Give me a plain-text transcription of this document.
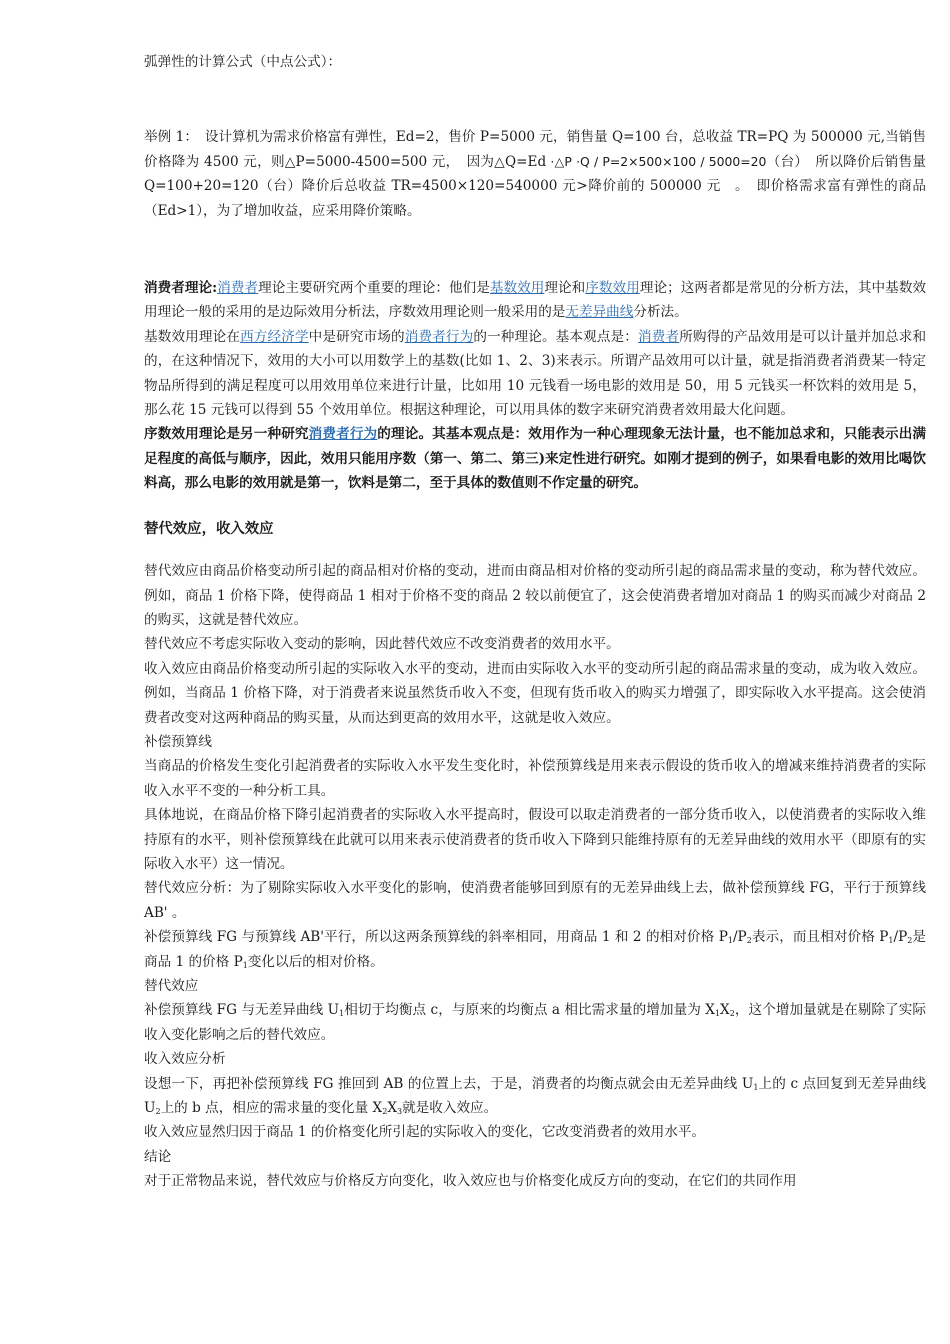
弧弹性的计算公式（中点公式）：

举例 1：　设计算机为需求价格富有弹性，Ed=2，售价 P=5000 元，销售量 Q=100 台，总收益 TR=PQ 为 500000 元,当销售价格降为 4500 元，则△P=5000-4500=500 元，　因为△Q=Ed ·△P ·Q / P=2×500×100 / 5000=20（台）　所以降价后销售量 Q=100+20=120（台）降价后总收益 TR=4500×120=540000 元>降价前的 500000 元　。　即价格需求富有弹性的商品（Ed>1），为了增加收益，应采用降价策略。

消费者理论:消费者理论主要研究两个重要的理论：他们是基数效用理论和序数效用理论；这两者都是常见的分析方法，其中基数效用理论一般的采用的是边际效用分析法，序数效用理论则一般采用的是无差异曲线分析法。

基数效用理论在西方经济学中是研究市场的消费者行为的一种理论。基本观点是：消费者所购得的产品效用是可以计量并加总求和的，在这种情况下，效用的大小可以用数学上的基数(比如 1、2、3)来表示。所谓产品效用可以计量，就是指消费者消费某一特定物品所得到的满足程度可以用效用单位来进行计量，比如用 10 元钱看一场电影的效用是 50，用 5 元钱买一杯饮料的效用是 5，那么花 15 元钱可以得到 55 个效用单位。根据这种理论，可以用具体的数字来研究消费者效用最大化问题。

序数效用理论是另一种研究消费者行为的理论。其基本观点是：效用作为一种心理现象无法计量，也不能加总求和，只能表示出满足程度的高低与顺序，因此，效用只能用序数（第一、第二、第三)来定性进行研究。如刚才提到的例子，如果看电影的效用比喝饮料高，那么电影的效用就是第一，饮料是第二，至于具体的数值则不作定量的研究。

替代效应，收入效应

替代效应由商品价格变动所引起的商品相对价格的变动，进而由商品相对价格的变动所引起的商品需求量的变动，称为替代效应。例如，商品 1 价格下降，使得商品 1 相对于价格不变的商品 2 较以前便宜了，这会使消费者增加对商品 1 的购买而减少对商品 2 的购买，这就是替代效应。

替代效应不考虑实际收入变动的影响，因此替代效应不改变消费者的效用水平。

收入效应由商品价格变动所引起的实际收入水平的变动，进而由实际收入水平的变动所引起的商品需求量的变动，成为收入效应。例如，当商品 1 价格下降，对于消费者来说虽然货币收入不变，但现有货币收入的购买力增强了，即实际收入水平提高。这会使消费者改变对这两种商品的购买量，从而达到更高的效用水平，这就是收入效应。

补偿预算线

当商品的价格发生变化引起消费者的实际收入水平发生变化时，补偿预算线是用来表示假设的货币收入的增减来维持消费者的实际收入水平不变的一种分析工具。

具体地说，在商品价格下降引起消费者的实际收入水平提高时，假设可以取走消费者的一部分货币收入，以使消费者的实际收入维持原有的水平，则补偿预算线在此就可以用来表示使消费者的货币收入下降到只能维持原有的无差异曲线的效用水平（即原有的实际收入水平）这一情况。

替代效应分析：为了剔除实际收入水平变化的影响，使消费者能够回到原有的无差异曲线上去，做补偿预算线 FG，平行于预算线 AB' 。

补偿预算线 FG 与预算线 AB'平行，所以这两条预算线的斜率相同，用商品 1 和 2 的相对价格 $P_1/P_2$表示，而且相对价格 $P_1/P_2$是商品 1 的价格 $P_1$变化以后的相对价格。

替代效应

补偿预算线 FG 与无差异曲线 $U_1$相切于均衡点 c，与原来的均衡点 a 相比需求量的增加量为 $X_1X_2$，这个增加量就是在剔除了实际收入变化影响之后的替代效应。

收入效应分析

设想一下，再把补偿预算线 FG 推回到 AB 的位置上去，于是，消费者的均衡点就会由无差异曲线 $U_1$上的 c 点回复到无差异曲线 $U_2$上的 b 点，相应的需求量的变化量 $X_2X_3$就是收入效应。

收入效应显然归因于商品 1 的价格变化所引起的实际收入的变化，它改变消费者的效用水平。

结论

对于正常物品来说，替代效应与价格反方向变化，收入效应也与价格变化成反方向的变动，在它们的共同作用
